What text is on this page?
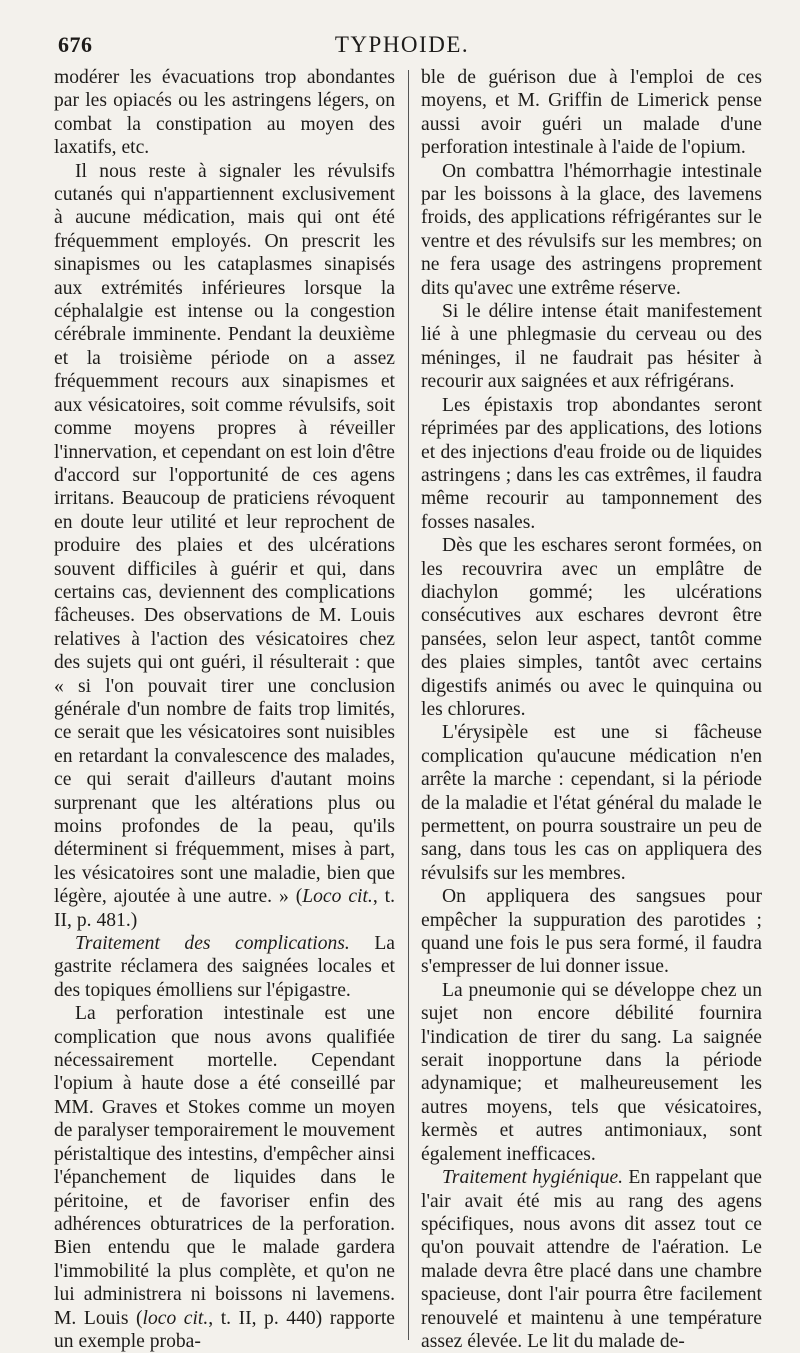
676	TYPHOIDE.

modérer les évacuations trop abondantes par les opiacés ou les astringens légers, on combat la constipation au moyen des laxatifs, etc.

Il nous reste à signaler les révulsifs cutanés qui n'appartiennent exclusivement à aucune médication, mais qui ont été fréquemment employés. On prescrit les sinapismes ou les cataplasmes sinapisés aux extrémités inférieures lorsque la céphalalgie est intense ou la congestion cérébrale imminente. Pendant la deuxième et la troisième période on a assez fréquemment recours aux sinapismes et aux vésicatoires, soit comme révulsifs, soit comme moyens propres à réveiller l'innervation, et cependant on est loin d'être d'accord sur l'opportunité de ces agens irritans. Beaucoup de praticiens révoquent en doute leur utilité et leur reprochent de produire des plaies et des ulcérations souvent difficiles à guérir et qui, dans certains cas, deviennent des complications fâcheuses. Des observations de M. Louis relatives à l'action des vésicatoires chez des sujets qui ont guéri, il résulterait : que « si l'on pouvait tirer une conclusion générale d'un nombre de faits trop limités, ce serait que les vésicatoires sont nuisibles en retardant la convalescence des malades, ce qui serait d'ailleurs d'autant moins surprenant que les altérations plus ou moins profondes de la peau, qu'ils déterminent si fréquemment, mises à part, les vésicatoires sont une maladie, bien que légère, ajoutée à une autre. » (Loco cit., t. II, p. 481.)

Traitement des complications. La gastrite réclamera des saignées locales et des topiques émolliens sur l'épigastre.

La perforation intestinale est une complication que nous avons qualifiée nécessairement mortelle. Cependant l'opium à haute dose a été conseillé par MM. Graves et Stokes comme un moyen de paralyser temporairement le mouvement péristaltique des intestins, d'empêcher ainsi l'épanchement de liquides dans le péritoine, et de favoriser enfin des adhérences obturatrices de la perforation. Bien entendu que le malade gardera l'immobilité la plus complète, et qu'on ne lui administrera ni boissons ni lavemens. M. Louis (loco cit., t. II, p. 440) rapporte un exemple proba-

ble de guérison due à l'emploi de ces moyens, et M. Griffin de Limerick pense aussi avoir guéri un malade d'une perforation intestinale à l'aide de l'opium.

On combattra l'hémorrhagie intestinale par les boissons à la glace, des lavemens froids, des applications réfrigérantes sur le ventre et des révulsifs sur les membres; on ne fera usage des astringens proprement dits qu'avec une extrême réserve.

Si le délire intense était manifestement lié à une phlegmasie du cerveau ou des méninges, il ne faudrait pas hésiter à recourir aux saignées et aux réfrigérans.

Les épistaxis trop abondantes seront réprimées par des applications, des lotions et des injections d'eau froide ou de liquides astringens ; dans les cas extrêmes, il faudra même recourir au tamponnement des fosses nasales.

Dès que les eschares seront formées, on les recouvrira avec un emplâtre de diachylon gommé; les ulcérations consécutives aux eschares devront être pansées, selon leur aspect, tantôt comme des plaies simples, tantôt avec certains digestifs animés ou avec le quinquina ou les chlorures.

L'érysipèle est une si fâcheuse complication qu'aucune médication n'en arrête la marche : cependant, si la période de la maladie et l'état général du malade le permettent, on pourra soustraire un peu de sang, dans tous les cas on appliquera des révulsifs sur les membres.

On appliquera des sangsues pour empêcher la suppuration des parotides ; quand une fois le pus sera formé, il faudra s'empresser de lui donner issue.

La pneumonie qui se développe chez un sujet non encore débilité fournira l'indication de tirer du sang. La saignée serait inopportune dans la période adynamique; et malheureusement les autres moyens, tels que vésicatoires, kermès et autres antimoniaux, sont également inefficaces.

Traitement hygiénique. En rappelant que l'air avait été mis au rang des agens spécifiques, nous avons dit assez tout ce qu'on pouvait attendre de l'aération. Le malade devra être placé dans une chambre spacieuse, dont l'air pourra être facilement renouvelé et maintenu à une température assez élevée. Le lit du malade de-
